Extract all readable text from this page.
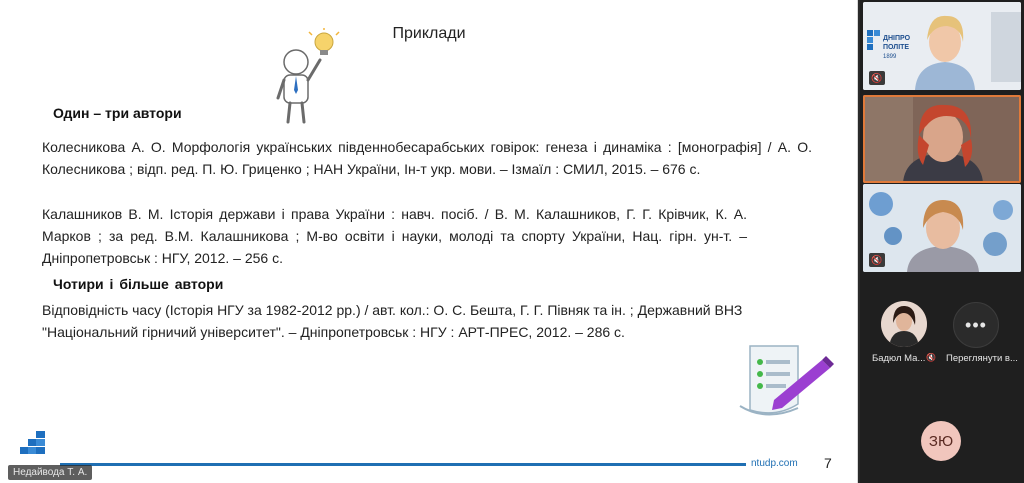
Приклади
Один – три автори
Колесникова А. О. Морфологія українських південнобесарабських говірок: генеза і динаміка : [монографія] / А. О. Колесникова ; відп. ред. П. Ю. Гриценко ; НАН України, Ін-т укр. мови. – Ізмаїл : СМИЛ, 2015. – 676 с.
Калашников В. М. Історія держави і права України : навч. посіб. / В. М. Калашников, Г. Г. Крівчик, К. А. Марков ; за ред. В.М. Калашникова ; М-во освіти і науки, молоді та спорту України, Нац. гірн. ун-т. – Дніпропетровськ : НГУ, 2012. – 256 с.
Чотири і більше автори
Відповідність часу (Історія НГУ за 1982-2012 рр.) / авт. кол.: О. С. Бешта, Г. Г. Півняк та ін. ; Державний ВНЗ "Національний гірничий університет". – Дніпропетровськ : НГУ : АРТ-ПРЕС, 2012. – 286 с.
ntudp.com 7
Недайвода Т. А.
ДНІПРО
ПОЛІТЕ
1899
🔇
🔇
Бадюл Ма... 🔇
•••
Переглянути в...
ЗЮ
